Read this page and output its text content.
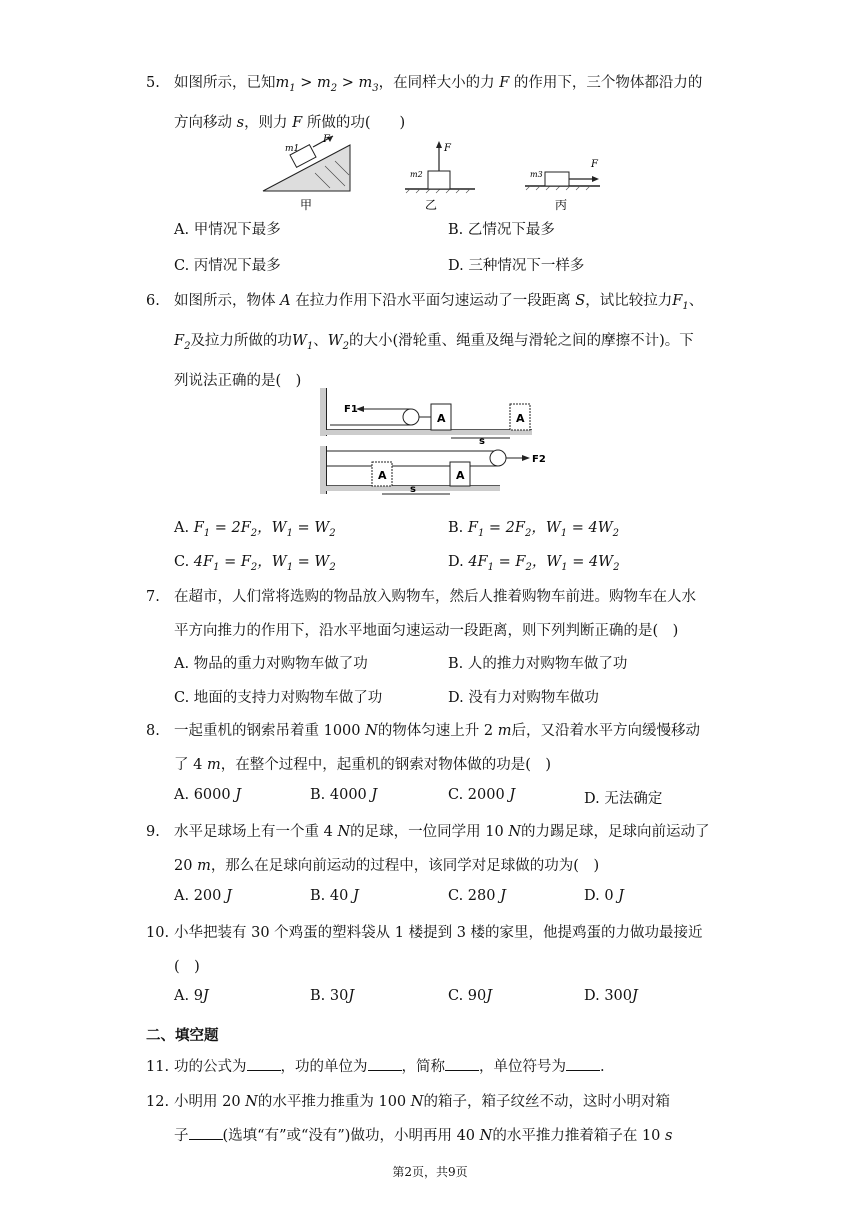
5. 如图所示，已知$m_1 > m_2 > m_3$，在同样大小的力 F 的作用下，三个物体都沿力的
方向移动 s，则力 F 所做的功(　　)
m1
F
甲
F
m2
乙
F
m3
丙
A. 甲情况下最多	B. 乙情况下最多
C. 丙情况下最多	D. 三种情况下一样多
6. 如图所示，物体 A 在拉力作用下沿水平面匀速运动了一段距离 S，试比较拉力$F_1$、
$F_2$及拉力所做的功$W_1$、$W_2$的大小(滑轮重、绳重及绳与滑轮之间的摩擦不计)。下
列说法正确的是(　)
F1
A	A
s
F2
A	A
s
A. $F_1 = 2F_2$，$W_1 = W_2$	B. $F_1 = 2F_2$，$W_1 = 4W_2$
C. $4F_1 = F_2$，$W_1 = W_2$	D. $4F_1 = F_2$，$W_1 = 4W_2$
7. 在超市，人们常将选购的物品放入购物车，然后人推着购物车前进。购物车在人水
平方向推力的作用下，沿水平地面匀速运动一段距离，则下列判断正确的是(　)
A. 物品的重力对购物车做了功	B. 人的推力对购物车做了功
C. 地面的支持力对购物车做了功	D. 没有力对购物车做功
8. 一起重机的钢索吊着重 1000 N的物体匀速上升 2 m后，又沿着水平方向缓慢移动
了 4 m，在整个过程中，起重机的钢索对物体做的功是(　)
A. 6000 J	B. 4000 J	C. 2000 J	D. 无法确定
9. 水平足球场上有一个重 4 N的足球，一位同学用 10 N的力踢足球，足球向前运动了
20 m，那么在足球向前运动的过程中，该同学对足球做的功为(　)
A. 200 J	B. 40 J	C. 280 J	D. 0 J
10. 小华把装有 30 个鸡蛋的塑料袋从 1 楼提到 3 楼的家里，他提鸡蛋的力做功最接近
(　)
A. 9J	B. 30J	C. 90J	D. 300J
二、填空题
11. 功的公式为 ，功的单位为 ，简称 ，单位符号为 .
12. 小明用 20 N的水平推力推重为 100 N的箱子，箱子纹丝不动，这时小明对箱
子 (选填“有”或“没有”)做功，小明再用 40 N的水平推力推着箱子在 10 s
第2页，共9页
